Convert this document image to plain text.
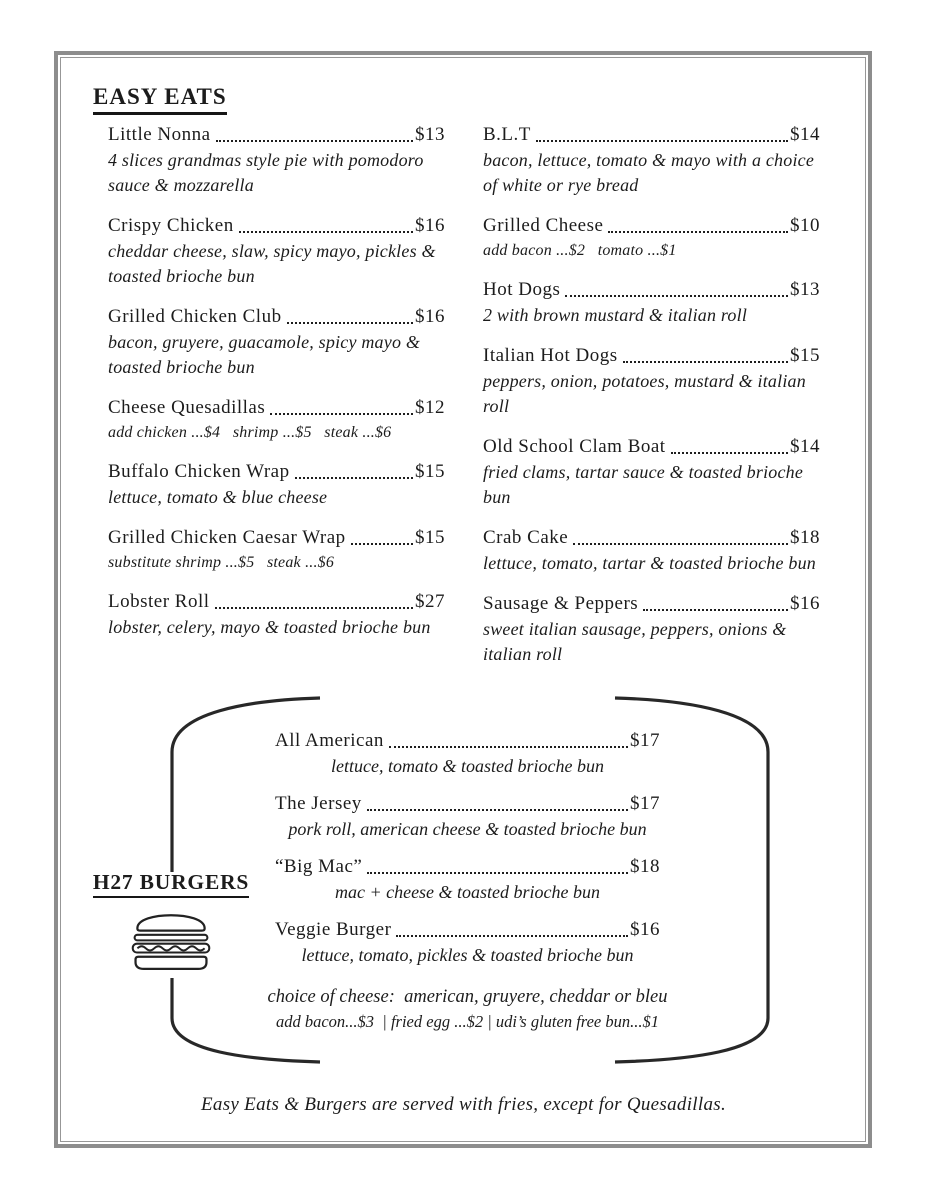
EASY EATS
Little Nonna	$13
4 slices grandmas style pie with pomodoro sauce & mozzarella
Crispy Chicken	$16
cheddar cheese, slaw, spicy mayo, pickles & toasted brioche bun
Grilled Chicken Club	$16
bacon, gruyere, guacamole, spicy mayo & toasted brioche bun
Cheese Quesadillas	$12
add chicken ...$4   shrimp ...$5   steak ...$6
Buffalo Chicken Wrap	$15
lettuce, tomato & blue cheese
Grilled Chicken Caesar Wrap	$15
substitute shrimp ...$5   steak ...$6
Lobster Roll	$27
lobster, celery, mayo & toasted brioche bun
B.L.T	$14
bacon, lettuce, tomato & mayo with a choice of white or rye bread
Grilled Cheese	$10
add bacon ...$2   tomato ...$1
Hot Dogs	$13
2 with brown mustard & italian roll
Italian Hot Dogs	$15
peppers, onion, potatoes, mustard & italian roll
Old School Clam Boat	$14
fried clams, tartar sauce & toasted brioche bun
Crab Cake	$18
lettuce, tomato, tartar & toasted brioche bun
Sausage & Peppers	$16
sweet italian sausage, peppers, onions & italian roll
H27 BURGERS
All American	$17
lettuce, tomato & toasted brioche bun
The Jersey	$17
pork roll, american cheese & toasted brioche bun
“Big Mac”	$18
mac + cheese & toasted brioche bun
Veggie Burger	$16
lettuce, tomato, pickles & toasted brioche bun
choice of cheese:  american, gruyere, cheddar or bleu
add bacon...$3  | fried egg ...$2 | udi’s gluten free bun...$1
Easy Eats & Burgers are served with fries, except for Quesadillas.
